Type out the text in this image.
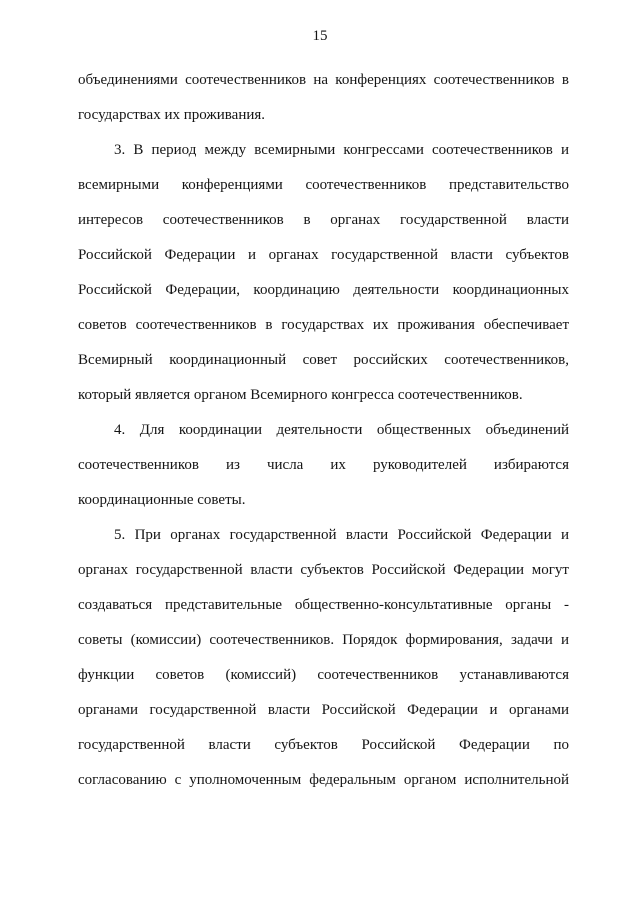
15
объединениями соотечественников на конференциях соотечественников в
государствах их проживания.
3. В период между всемирными конгрессами соотечественников и
всемирными конференциями соотечественников представительство
интересов соотечественников в органах государственной власти
Российской Федерации и органах государственной власти субъектов
Российской Федерации, координацию деятельности координационных
советов соотечественников в государствах их проживания обеспечивает
Всемирный координационный совет российских соотечественников,
который является органом Всемирного конгресса соотечественников.
4. Для координации деятельности общественных объединений
соотечественников из числа их руководителей избираются
координационные советы.
5. При органах государственной власти Российской Федерации и
органах государственной власти субъектов Российской Федерации могут
создаваться представительные общественно-консультативные органы -
советы (комиссии) соотечественников. Порядок формирования, задачи и
функции советов (комиссий) соотечественников устанавливаются
органами государственной власти Российской Федерации и органами
государственной власти субъектов Российской Федерации по
согласованию с уполномоченным федеральным органом исполнительной
